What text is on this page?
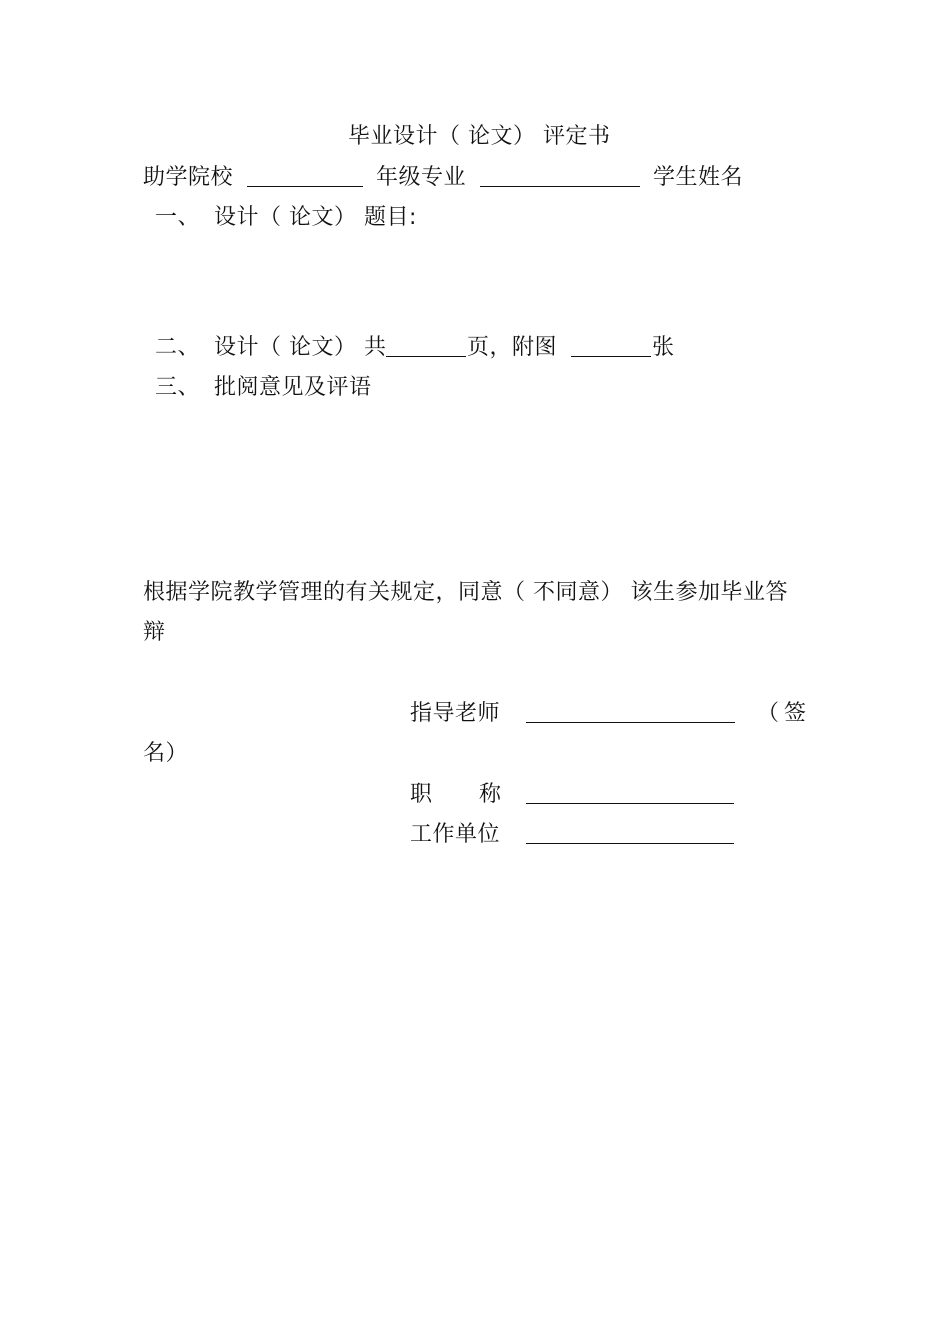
毕业设计（ 论文） 评定书
助学院校	年级专业	学生姓名
一、 设计（ 论文） 题目:
二、 设计（ 论文） 共	页，附图	张
三、 批阅意见及评语
根据学院教学管理的有关规定，同意（ 不同意） 该生参加毕业答
辩
指导老师	（ 签
名）
职 称
工作单位
